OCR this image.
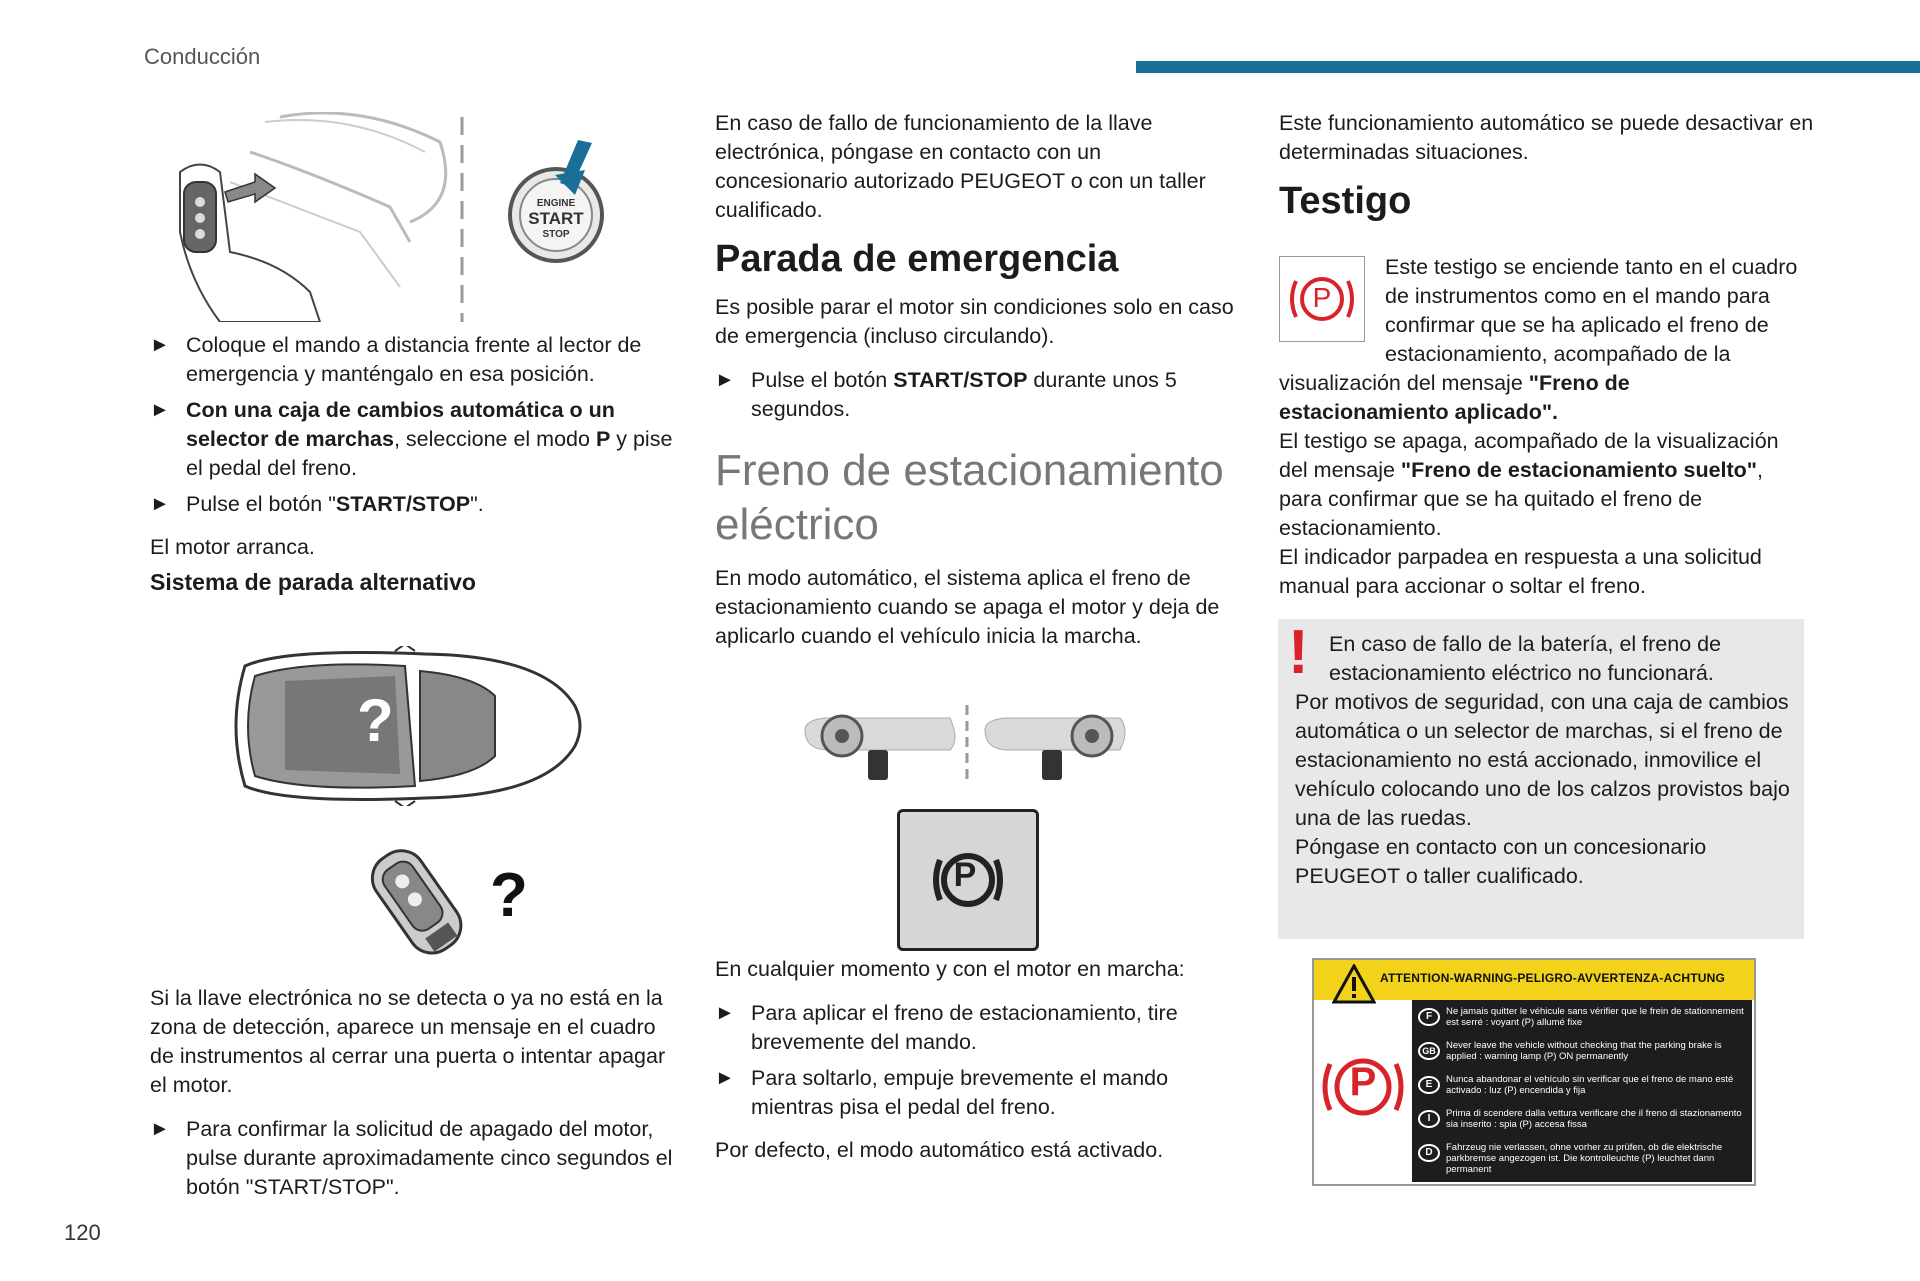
Conducción
120
ENGINE
START
STOP

► Coloque el mando a distancia frente al lector de emergencia y manténgalo en esa posición.

► Con una caja de cambios automática o un selector de marchas, seleccione el modo P y pise el pedal del freno.

► Pulse el botón "START/STOP".

El motor arranca.

Sistema de parada alternativo

?
?

Si la llave electrónica no se detecta o ya no está en la zona de detección, aparece un mensaje en el cuadro de instrumentos al cerrar una puerta o intentar apagar el motor.

► Para confirmar la solicitud de apagado del motor, pulse durante aproximadamente cinco segundos el botón "START/STOP".

En caso de fallo de funcionamiento de la llave electrónica, póngase en contacto con un concesionario autorizado PEUGEOT o con un taller cualificado.

Parada de emergencia

Es posible parar el motor sin condiciones solo en caso de emergencia (incluso circulando).

► Pulse el botón START/STOP durante unos 5 segundos.

Freno de estacionamiento eléctrico

En modo automático, el sistema aplica el freno de estacionamiento cuando se apaga el motor y deja de aplicarlo cuando el vehículo inicia la marcha.

P

En cualquier momento y con el motor en marcha:

► Para aplicar el freno de estacionamiento, tire brevemente del mando.

► Para soltarlo, empuje brevemente el mando mientras pisa el pedal del freno.

Por defecto, el modo automático está activado.

Este funcionamiento automático se puede desactivar en determinadas situaciones.

Testigo

P

Este testigo se enciende tanto en el cuadro de instrumentos como en el mando para confirmar que se ha aplicado el freno de estacionamiento, acompañado de la visualización del mensaje "Freno de estacionamiento aplicado".

El testigo se apaga, acompañado de la visualización del mensaje "Freno de estacionamiento suelto", para confirmar que se ha quitado el freno de estacionamiento.

El indicador parpadea en respuesta a una solicitud manual para accionar o soltar el freno.

! En caso de fallo de la batería, el freno de estacionamiento eléctrico no funcionará.

Por motivos de seguridad, con una caja de cambios automática o un selector de marchas, si el freno de estacionamiento no está accionado, inmovilice el vehículo colocando uno de los calzos provistos bajo una de las ruedas.

Póngase en contacto con un concesionario PEUGEOT o taller cualificado.

ATTENTION-WARNING-PELIGRO-AVVERTENZA-ACHTUNG
P
F	Ne jamais quitter le véhicule sans vérifier que le frein de stationnement est serré : voyant (P) allumé fixe
GB	Never leave the vehicle without checking that the parking brake is applied : warning lamp (P) ON permanently
E	Nunca abandonar el vehículo sin verificar que el freno de mano esté activado : luz (P) encendida y fija
I	Prima di scendere dalla vettura verificare che il freno di stazionamento sia inserito : spia (P) accesa fissa
D	Fahrzeug nie verlassen, ohne vorher zu prüfen, ob die elektrische parkbremse angezogen ist. Die kontrolleuchte (P) leuchtet dann permanent
